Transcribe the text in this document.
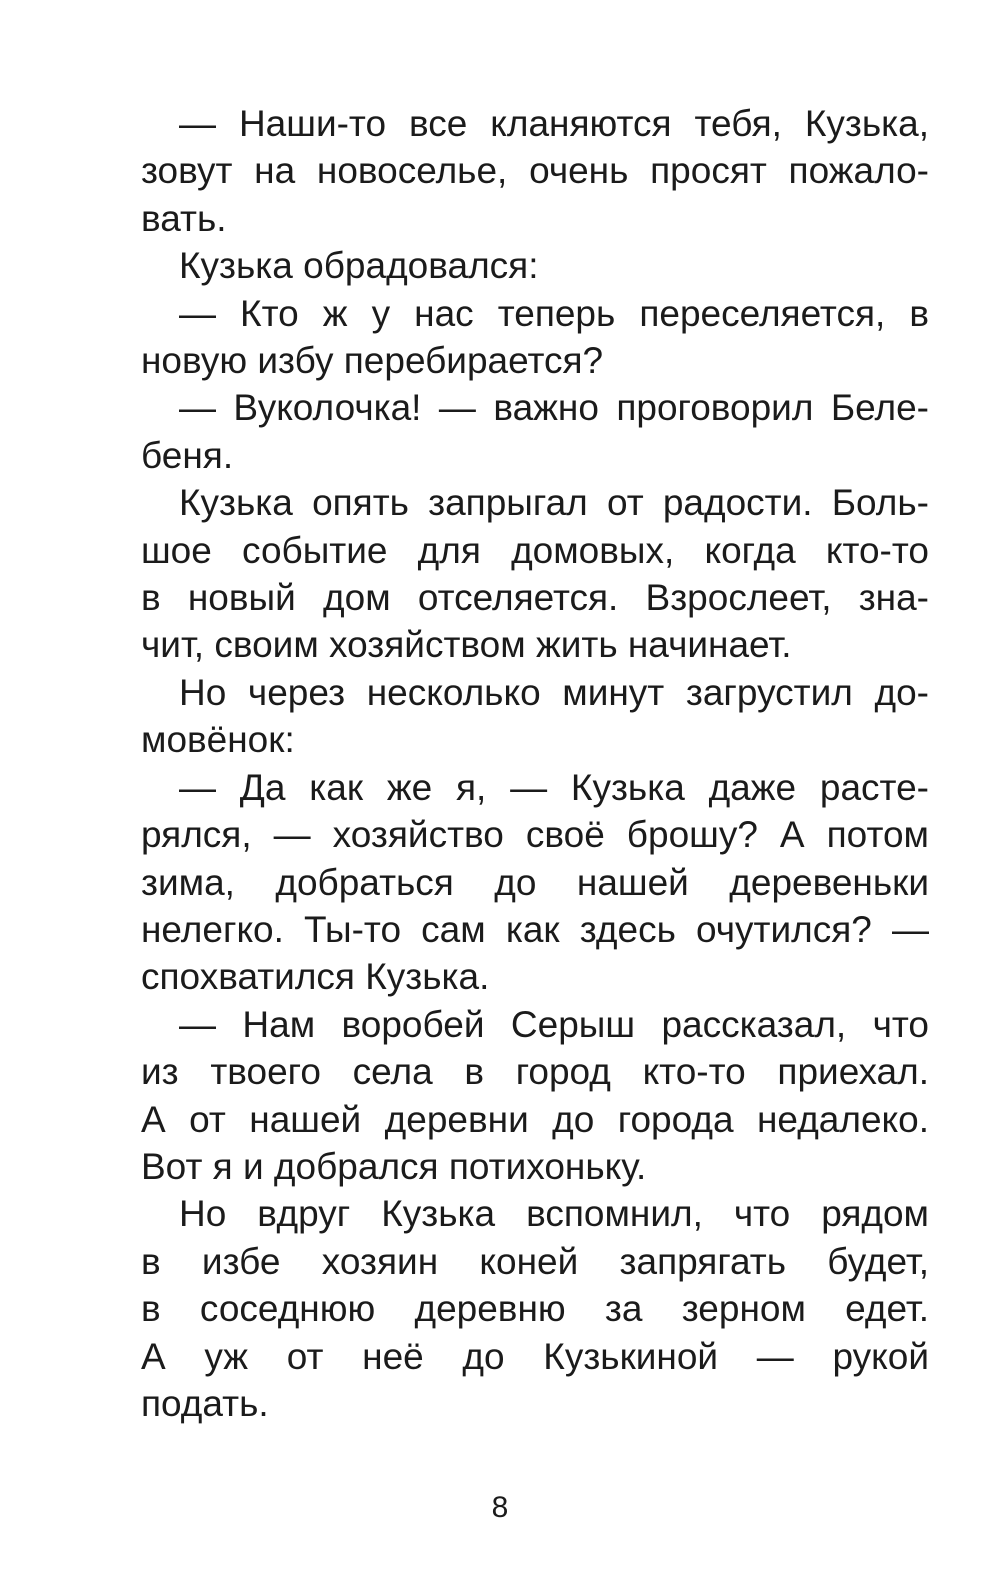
— Наши-то все кланяются тебя, Кузька,
зовут на новоселье, очень просят пожало-
вать.
Кузька обрадовался:
— Кто ж у нас теперь переселяется, в
новую избу перебирается?
— Вуколочка! — важно проговорил Беле-
беня.
Кузька опять запрыгал от радости. Боль-
шое событие для домовых, когда кто-то
в новый дом отселяется. Взрослеет, зна-
чит, своим хозяйством жить начинает.
Но через несколько минут загрустил до-
мовёнок:
— Да как же я, — Кузька даже расте-
рялся, — хозяйство своё брошу? А потом
зима, добраться до нашей деревеньки
нелегко. Ты-то сам как здесь очутился? —
спохватился Кузька.
— Нам воробей Серыш рассказал, что
из твоего села в город кто-то приехал.
А от нашей деревни до города недалеко.
Вот я и добрался потихоньку.
Но вдруг Кузька вспомнил, что рядом
в избе хозяин коней запрягать будет,
в соседнюю деревню за зерном едет.
А уж от неё до Кузькиной — рукой
подать.
8
